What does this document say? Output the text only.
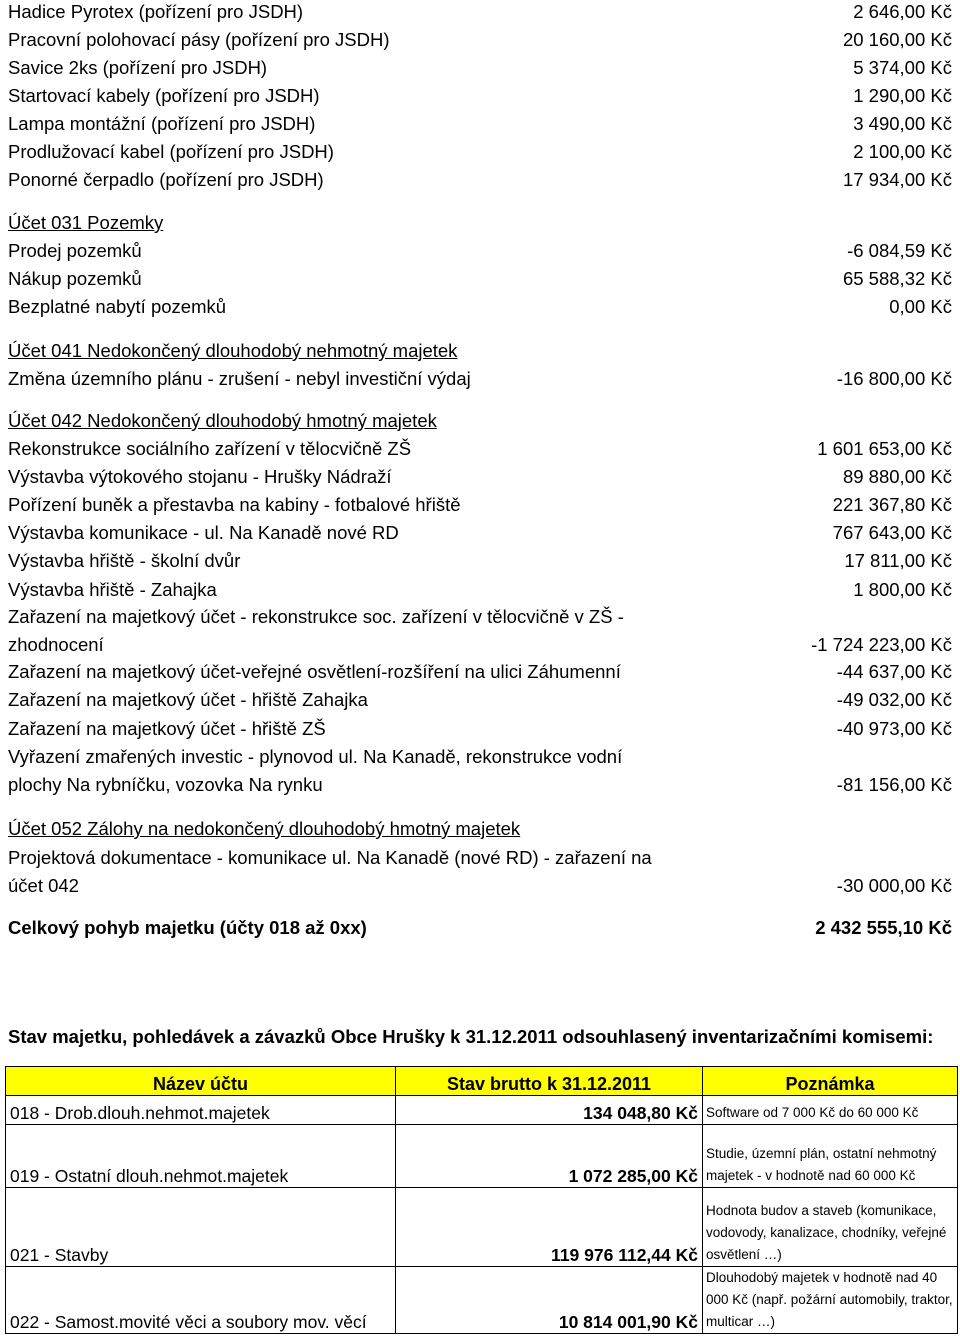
Hadice Pyrotex (pořízení pro JSDH)	2 646,00 Kč
Pracovní polohovací pásy (pořízení pro JSDH)	20 160,00 Kč
Savice 2ks (pořízení pro JSDH)	5 374,00 Kč
Startovací kabely (pořízení pro JSDH)	1 290,00 Kč
Lampa montážní (pořízení pro JSDH)	3 490,00 Kč
Prodlužovací kabel (pořízení pro JSDH)	2 100,00 Kč
Ponorné čerpadlo (pořízení pro JSDH)	17 934,00 Kč
Účet 031 Pozemky
Prodej pozemků	-6 084,59 Kč
Nákup pozemků	65 588,32 Kč
Bezplatné nabytí pozemků	0,00 Kč
Účet 041 Nedokončený dlouhodobý nehmotný majetek
Změna územního plánu - zrušení - nebyl investiční výdaj	-16 800,00 Kč
Účet 042 Nedokončený dlouhodobý hmotný majetek
Rekonstrukce sociálního zařízení v tělocvičně ZŠ	1 601 653,00 Kč
Výstavba výtokového stojanu - Hrušky Nádraží	89 880,00 Kč
Pořízení buněk a přestavba na kabiny - fotbalové hřiště	221 367,80 Kč
Výstavba komunikace - ul. Na Kanadě nové RD	767 643,00 Kč
Výstavba hřiště - školní dvůr	17 811,00 Kč
Výstavba hřiště - Zahajka	1 800,00 Kč
Zařazení na majetkový účet - rekonstrukce soc. zařízení v tělocvičně v ZŠ - zhodnocení	-1 724 223,00 Kč
Zařazení na majetkový účet-veřejné osvětlení-rozšíření na ulici Záhumenní	-44 637,00 Kč
Zařazení na majetkový účet - hřiště Zahajka	-49 032,00 Kč
Zařazení na majetkový účet - hřiště ZŠ	-40 973,00 Kč
Vyřazení zmařených investic - plynovod ul. Na Kanadě, rekonstrukce vodní plochy Na rybníčku, vozovka Na rynku	-81 156,00 Kč
Účet 052 Zálohy na nedokončený dlouhodobý hmotný majetek
Projektová dokumentace - komunikace ul. Na Kanadě (nové RD) - zařazení na účet 042	-30 000,00 Kč
Celkový pohyb majetku (účty 018 až 0xx)	2 432 555,10 Kč
Stav majetku, pohledávek a závazků Obce Hrušky k 31.12.2011 odsouhlasený inventarizačními komisemi:
Název účtu	Stav brutto k 31.12.2011	Poznámka
018 - Drob.dlouh.nehmot.majetek	134 048,80 Kč	Software od 7 000 Kč do 60 000 Kč
019 - Ostatní dlouh.nehmot.majetek	1 072 285,00 Kč	Studie, územní plán, ostatní nehmotný majetek - v hodnotě nad 60 000 Kč
021 - Stavby	119 976 112,44 Kč	Hodnota budov a staveb (komunikace, vodovody, kanalizace, chodníky, veřejné osvětlení …)
022 - Samost.movité věci a soubory mov. věcí	10 814 001,90 Kč	Dlouhodobý majetek v hodnotě nad 40 000 Kč (např. požární automobily, traktor, multicar …)
